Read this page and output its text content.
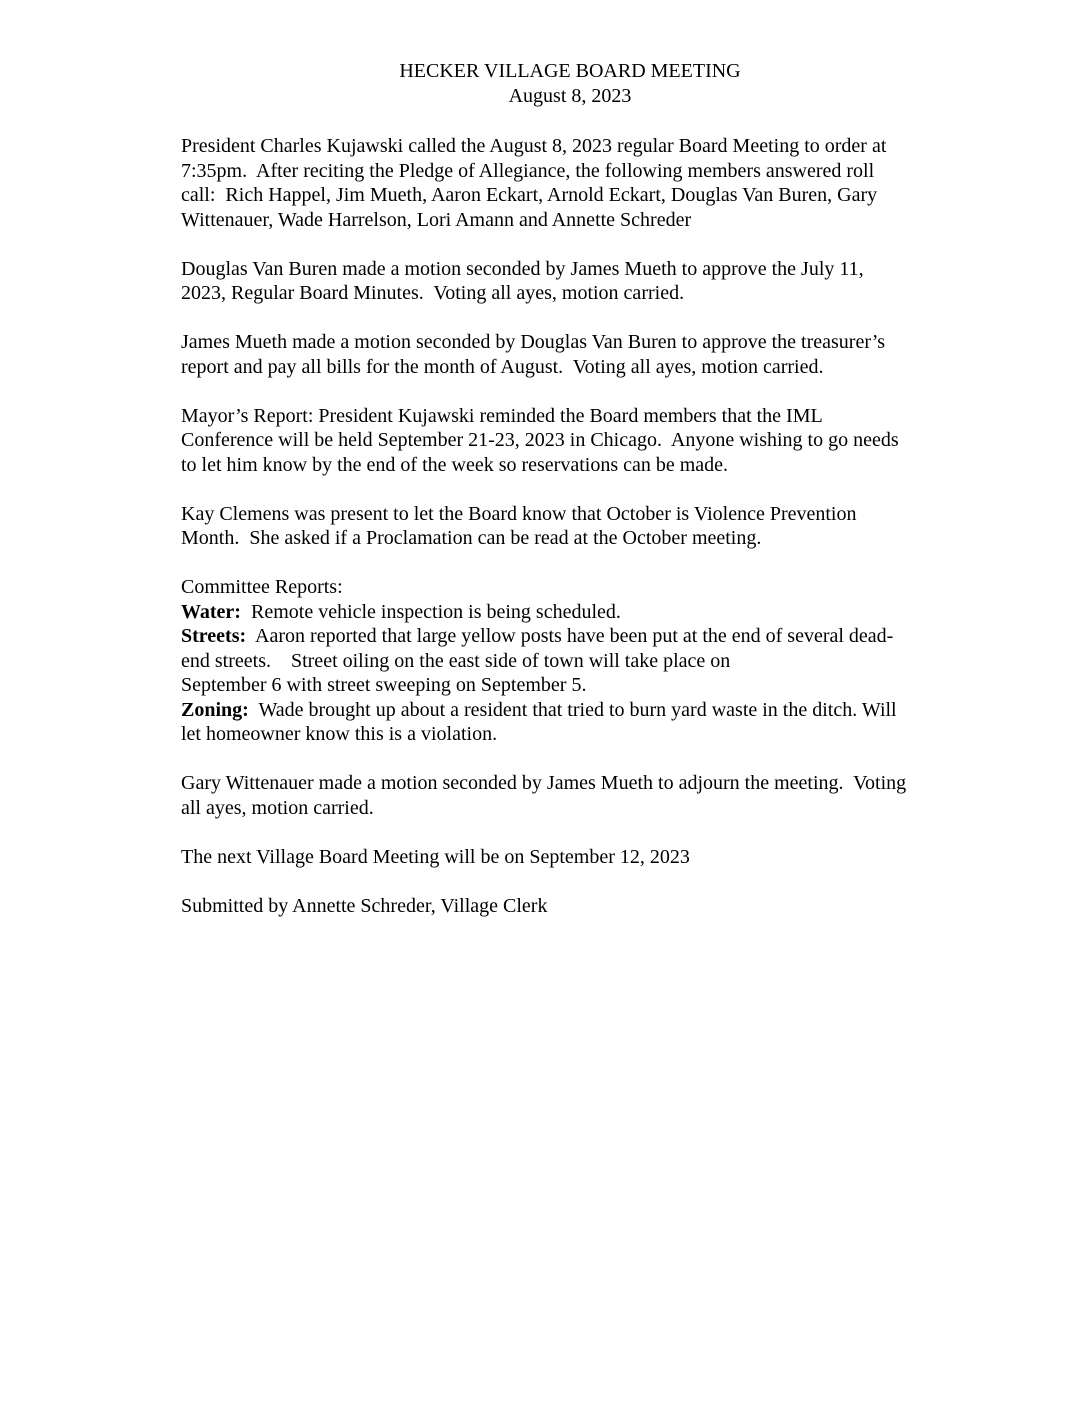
HECKER VILLAGE BOARD MEETING
August 8, 2023
President Charles Kujawski called the August 8, 2023 regular Board Meeting to order at
7:35pm.  After reciting the Pledge of Allegiance, the following members answered roll
call:  Rich Happel, Jim Mueth, Aaron Eckart, Arnold Eckart, Douglas Van Buren, Gary
Wittenauer, Wade Harrelson, Lori Amann and Annette Schreder
Douglas Van Buren made a motion seconded by James Mueth to approve the July 11,
2023, Regular Board Minutes.  Voting all ayes, motion carried.
James Mueth made a motion seconded by Douglas Van Buren to approve the treasurer’s
report and pay all bills for the month of August.  Voting all ayes, motion carried.
Mayor’s Report: President Kujawski reminded the Board members that the IML
Conference will be held September 21-23, 2023 in Chicago.  Anyone wishing to go needs
to let him know by the end of the week so reservations can be made.
Kay Clemens was present to let the Board know that October is Violence Prevention
Month.  She asked if a Proclamation can be read at the October meeting.
Committee Reports:
Water:  Remote vehicle inspection is being scheduled.
Streets:  Aaron reported that large yellow posts have been put at the end of several dead-
end streets.    Street oiling on the east side of town will take place on
September 6 with street sweeping on September 5.
Zoning:  Wade brought up about a resident that tried to burn yard waste in the ditch. Will
let homeowner know this is a violation.
Gary Wittenauer made a motion seconded by James Mueth to adjourn the meeting.  Voting
all ayes, motion carried.
The next Village Board Meeting will be on September 12, 2023
Submitted by Annette Schreder, Village Clerk
